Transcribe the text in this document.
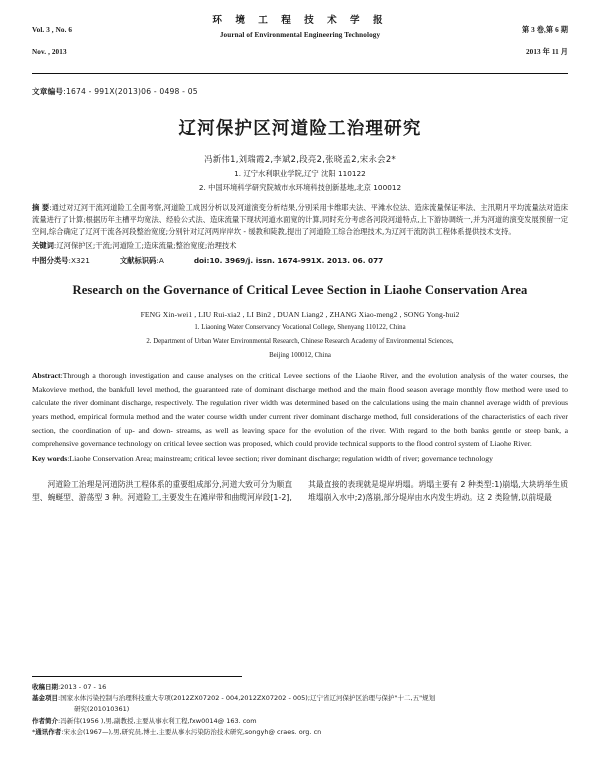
Vol. 3 , No. 6

Nov. , 2013

环 境 工 程 技 术 学 报
Journal of Environmental Engineering Technology

第 3 卷,第 6 期

2013 年 11 月

文章编号:1674 - 991X(2013)06 - 0498 - 05
辽河保护区河道险工治理研究
冯新伟1,刘瑞霞2,李斌2,段亮2,张晓孟2,宋永会2*
1. 辽宁水利职业学院,辽宁 沈阳 110122
2. 中国环境科学研究院城市水环境科技创新基地,北京 100012
摘 要:通过对辽河干流河道险工全面考察,河道险工成因分析以及河道演变分析结果,分别采用卡维耶夫法、平滩水位法、造床流量保证率法、主汛期月平均流量法对造床流量进行了计算;根据历年主槽平均宽法、经验公式法、造床流量下现状河道水面宽的计算,同时充分考虑各河段河道特点,上下游协调统一,并为河道的演变发展预留一定空间,综合确定了辽河干流各河段整治宽度;分别针对辽河两岸岸坎 - 缓教和陡教,提出了河道险工综合治理技术,为辽河干流防洪工程体系提供技术支持。
关键词:辽河保护区;干流;河道险工;造床流量;整治宽度;治理技术
中图分类号:X321	文献标识码:A	doi:10. 3969/j. issn. 1674-991X. 2013. 06. 077
Research on the Governance of Critical Levee Section in Liaohe Conservation Area
FENG Xin-wei1 , LIU Rui-xia2 , LI Bin2 , DUAN Liang2 , ZHANG Xiao-meng2 , SONG Yong-hui2
1. Liaoning Water Conservancy Vocational College, Shenyang 110122, China
2. Department of Urban Water Environmental Research, Chinese Research Academy of Environmental Sciences,
Beijing 100012, China
Abstract:Through a thorough investigation and cause analyses on the critical Levee sections of the Liaohe River, and the evolution analysis of the water courses, the Makovieve method, the bankfull level method, the guaranteed rate of dominant discharge method and the main flood season average monthly flow method were used to calculate the river dominant discharge, respectively. The regulation river width was determined based on the calculations using the main channel average width of previous years method, empirical formula method and the water course width under current river dominant discharge method, full considerations of the characteristics of each river section, the coordination of up- and down- streams, as well as leaving space for the evolution of the river. With regard to the both banks gentle or steep bank, a comprehensive governance technology on critical levee section was proposed, which could provide technical supports to the flood control system of Liaohe River.
Key words:Liaohe Conservation Area; mainstream; critical levee section; river dominant discharge; regulation width of river; governance technology

河道险工治理是河道防洪工程体系的重要组成部分,河道大致可分为顺直型、蜿蜒型、游荡型 3 种。河道险工,主要发生在滩岸带和曲缆河岸段[1-2],

其最直接的表现就是堤岸坍塌。坍塌主要有 2 种类型:1)崩塌,大块坍举生质堆塌崩入水中;2)落崩,部分堤岸由水内发生坍动。这 2 类险情,以前堤最

收稿日期:2013 - 07 - 16
基金项目:国家水体污染控制与治理科技重大专项(2012ZX07202 - 004,2012ZX07202 - 005);辽宁省辽河保护区治理与保护"十二,五"规划
研究(201010361)
作者简介:冯新伟(1956 ),男,副教授,主要从事水利工程,fxw0014@ 163. com
*通讯作者:宋永会(1967—),男,研究员,博士,主要从事水污染防治技术研究,songyh@ craes. org. cn
